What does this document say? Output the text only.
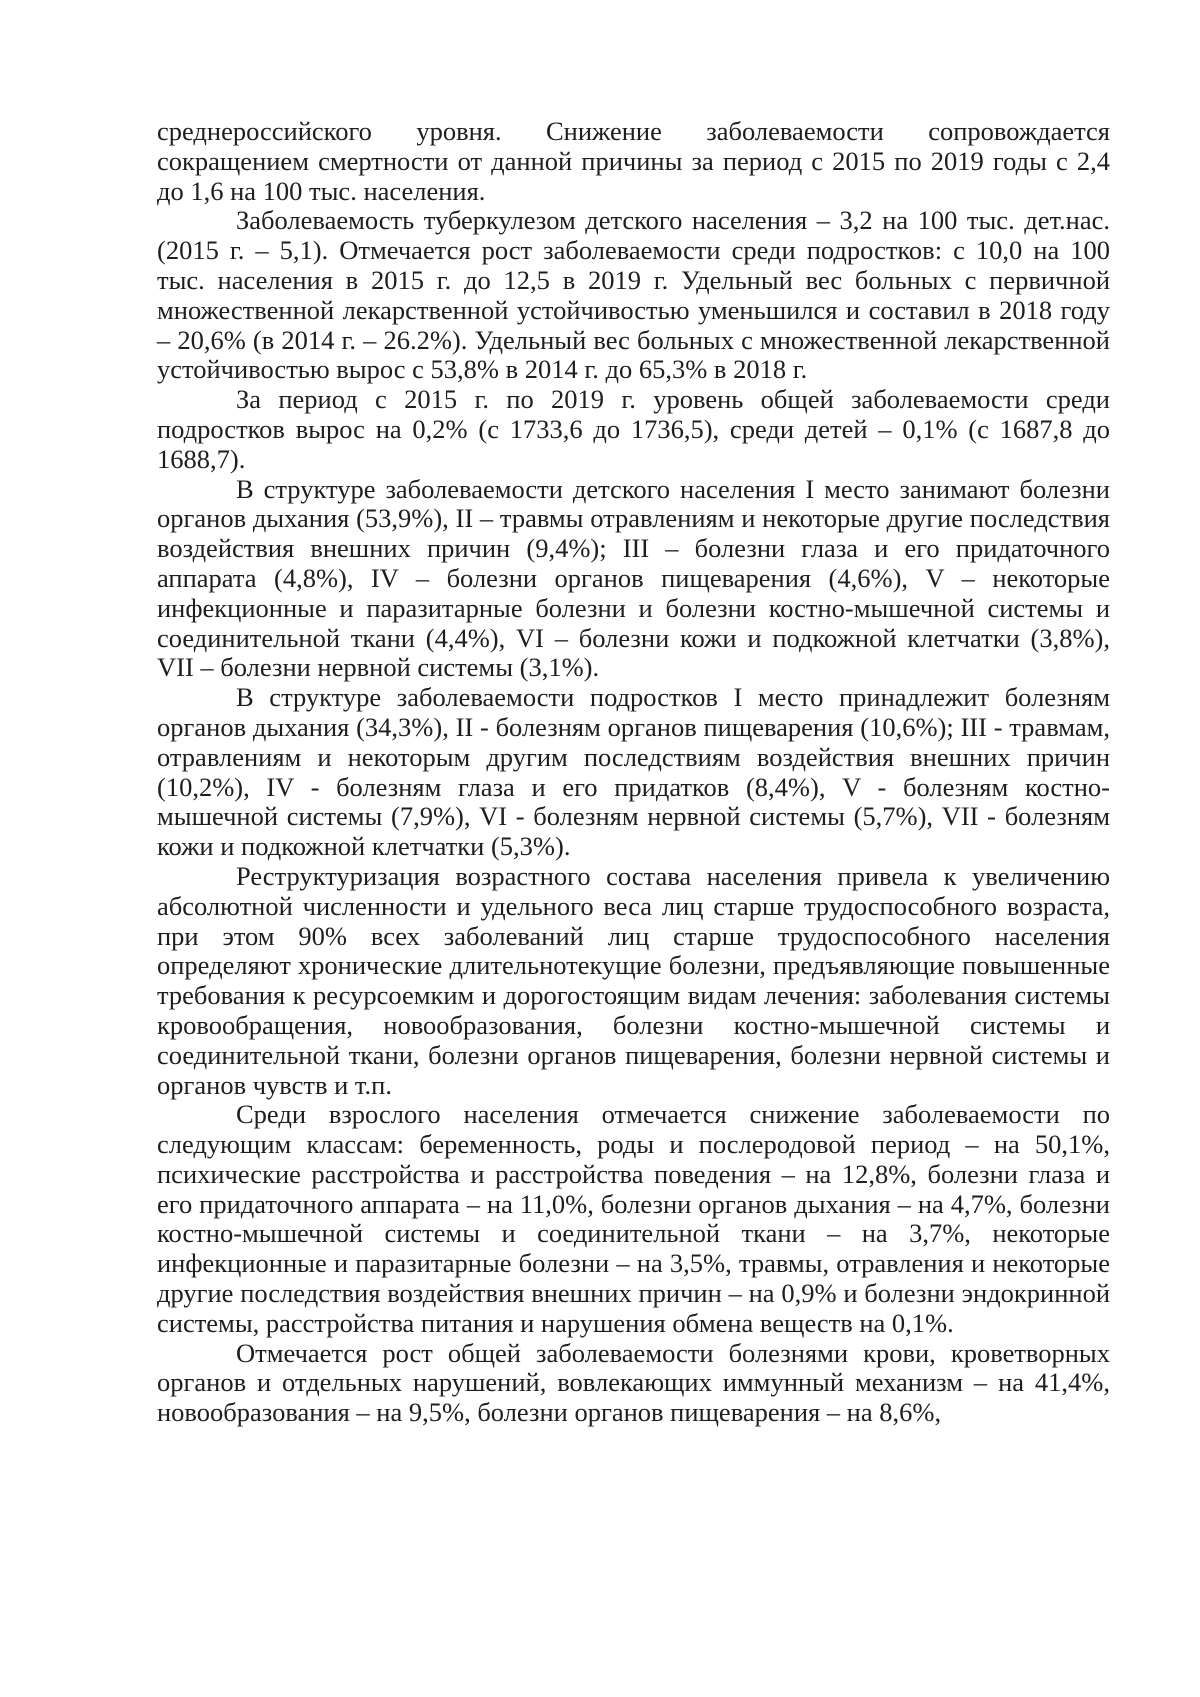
среднероссийского уровня. Снижение заболеваемости сопровождается сокращением смертности от данной причины за период с 2015 по 2019 годы с 2,4 до 1,6 на 100 тыс. населения.

Заболеваемость туберкулезом детского населения – 3,2 на 100 тыс. дет.нас. (2015 г. – 5,1). Отмечается рост заболеваемости среди подростков: с 10,0 на 100 тыс. населения в 2015 г. до 12,5 в 2019 г. Удельный вес больных с первичной множественной лекарственной устойчивостью уменьшился и составил в 2018 году – 20,6% (в 2014 г. – 26.2%). Удельный вес больных с множественной лекарственной устойчивостью вырос с 53,8% в 2014 г. до 65,3% в 2018 г.

За период с 2015 г. по 2019 г. уровень общей заболеваемости среди подростков вырос на 0,2% (с 1733,6 до 1736,5), среди детей – 0,1% (с 1687,8 до 1688,7).

В структуре заболеваемости детского населения I место занимают болезни органов дыхания (53,9%), II – травмы отравлениям и некоторые другие последствия воздействия внешних причин (9,4%); III – болезни глаза и его придаточного аппарата (4,8%), IV – болезни органов пищеварения (4,6%), V – некоторые инфекционные и паразитарные болезни и болезни костно-мышечной системы и соединительной ткани (4,4%), VI – болезни кожи и подкожной клетчатки (3,8%), VII – болезни нервной системы (3,1%).

В структуре заболеваемости подростков I место принадлежит болезням органов дыхания (34,3%), II - болезням органов пищеварения (10,6%); III - травмам, отравлениям и некоторым другим последствиям воздействия внешних причин (10,2%), IV - болезням глаза и его придатков (8,4%), V - болезням костно-мышечной системы (7,9%), VI - болезням нервной системы (5,7%), VII - болезням кожи и подкожной клетчатки (5,3%).

Реструктуризация возрастного состава населения привела к увеличению абсолютной численности и удельного веса лиц старше трудоспособного возраста, при этом 90% всех заболеваний лиц старше трудоспособного населения определяют хронические длительнотекущие болезни, предъявляющие повышенные требования к ресурсоемким и дорогостоящим видам лечения: заболевания системы кровообращения, новообразования, болезни костно-мышечной системы и соединительной ткани, болезни органов пищеварения, болезни нервной системы и органов чувств и т.п.

Среди взрослого населения отмечается снижение заболеваемости по следующим классам: беременность, роды и послеродовой период – на 50,1%, психические расстройства и расстройства поведения – на 12,8%, болезни глаза и его придаточного аппарата – на 11,0%, болезни органов дыхания – на 4,7%, болезни костно-мышечной системы и соединительной ткани – на 3,7%, некоторые инфекционные и паразитарные болезни – на 3,5%, травмы, отравления и некоторые другие последствия воздействия внешних причин – на 0,9% и болезни эндокринной системы, расстройства питания и нарушения обмена веществ на 0,1%.

Отмечается рост общей заболеваемости болезнями крови, кроветворных органов и отдельных нарушений, вовлекающих иммунный механизм – на 41,4%, новообразования – на 9,5%, болезни органов пищеварения – на 8,6%,
